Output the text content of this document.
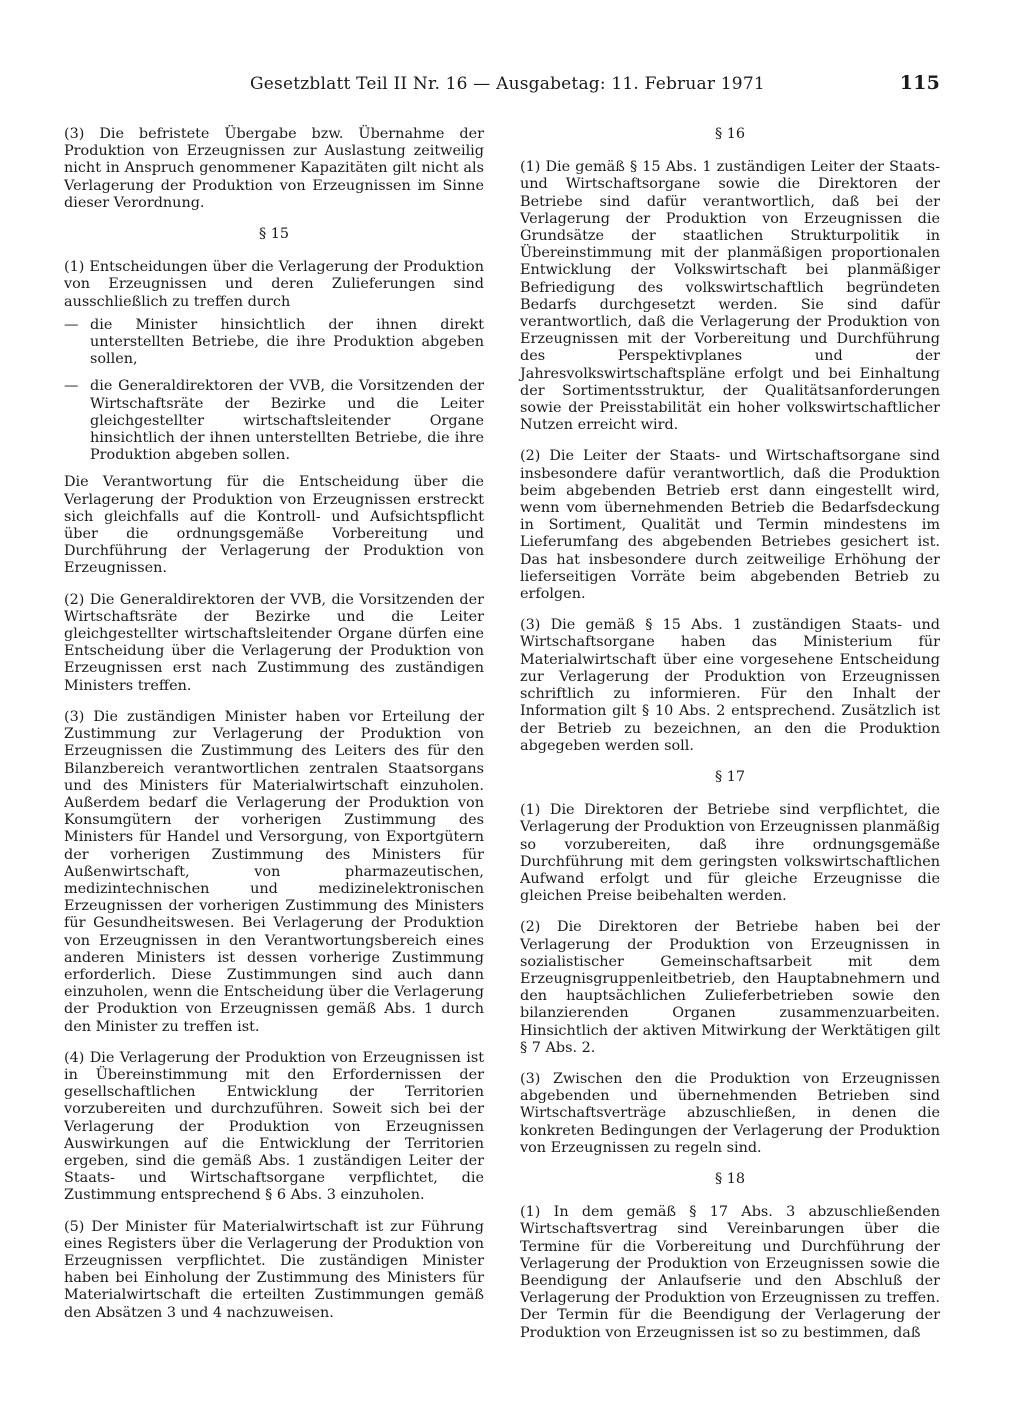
Gesetzblatt Teil II Nr. 16 — Ausgabetag: 11. Februar 1971	115

(3) Die befristete Übergabe bzw. Übernahme der Produktion von Erzeugnissen zur Auslastung zeitweilig nicht in Anspruch genommener Kapazitäten gilt nicht als Verlagerung der Produktion von Erzeugnissen im Sinne dieser Verordnung.

§ 15

(1) Entscheidungen über die Verlagerung der Produktion von Erzeugnissen und deren Zulieferungen sind ausschließlich zu treffen durch

— die Minister hinsichtlich der ihnen direkt unterstellten Betriebe, die ihre Produktion abgeben sollen,
— die Generaldirektoren der VVB, die Vorsitzenden der Wirtschaftsräte der Bezirke und die Leiter gleichgestellter wirtschaftsleitender Organe hinsichtlich der ihnen unterstellten Betriebe, die ihre Produktion abgeben sollen.

Die Verantwortung für die Entscheidung über die Verlagerung der Produktion von Erzeugnissen erstreckt sich gleichfalls auf die Kontroll- und Aufsichtspflicht über die ordnungsgemäße Vorbereitung und Durchführung der Verlagerung der Produktion von Erzeugnissen.

(2) Die Generaldirektoren der VVB, die Vorsitzenden der Wirtschaftsräte der Bezirke und die Leiter gleichgestellter wirtschaftsleitender Organe dürfen eine Entscheidung über die Verlagerung der Produktion von Erzeugnissen erst nach Zustimmung des zuständigen Ministers treffen.

(3) Die zuständigen Minister haben vor Erteilung der Zustimmung zur Verlagerung der Produktion von Erzeugnissen die Zustimmung des Leiters des für den Bilanzbereich verantwortlichen zentralen Staatsorgans und des Ministers für Materialwirtschaft einzuholen. Außerdem bedarf die Verlagerung der Produktion von Konsumgütern der vorherigen Zustimmung des Ministers für Handel und Versorgung, von Exportgütern der vorherigen Zustimmung des Ministers für Außenwirtschaft, von pharmazeutischen, medizintechnischen und medizinelektronischen Erzeugnissen der vorherigen Zustimmung des Ministers für Gesundheitswesen. Bei Verlagerung der Produktion von Erzeugnissen in den Verantwortungsbereich eines anderen Ministers ist dessen vorherige Zustimmung erforderlich. Diese Zustimmungen sind auch dann einzuholen, wenn die Entscheidung über die Verlagerung der Produktion von Erzeugnissen gemäß Abs. 1 durch den Minister zu treffen ist.

(4) Die Verlagerung der Produktion von Erzeugnissen ist in Übereinstimmung mit den Erfordernissen der gesellschaftlichen Entwicklung der Territorien vorzubereiten und durchzuführen. Soweit sich bei der Verlagerung der Produktion von Erzeugnissen Auswirkungen auf die Entwicklung der Territorien ergeben, sind die gemäß Abs. 1 zuständigen Leiter der Staats- und Wirtschaftsorgane verpflichtet, die Zustimmung entsprechend § 6 Abs. 3 einzuholen.

(5) Der Minister für Materialwirtschaft ist zur Führung eines Registers über die Verlagerung der Produktion von Erzeugnissen verpflichtet. Die zuständigen Minister haben bei Einholung der Zustimmung des Ministers für Materialwirtschaft die erteilten Zustimmungen gemäß den Absätzen 3 und 4 nachzuweisen.

§ 16

(1) Die gemäß § 15 Abs. 1 zuständigen Leiter der Staats- und Wirtschaftsorgane sowie die Direktoren der Betriebe sind dafür verantwortlich, daß bei der Verlagerung der Produktion von Erzeugnissen die Grundsätze der staatlichen Strukturpolitik in Übereinstimmung mit der planmäßigen proportionalen Entwicklung der Volkswirtschaft bei planmäßiger Befriedigung des volkswirtschaftlich begründeten Bedarfs durchgesetzt werden. Sie sind dafür verantwortlich, daß die Verlagerung der Produktion von Erzeugnissen mit der Vorbereitung und Durchführung des Perspektivplanes und der Jahresvolkswirtschaftspläne erfolgt und bei Einhaltung der Sortimentsstruktur, der Qualitätsanforderungen sowie der Preisstabilität ein hoher volkswirtschaftlicher Nutzen erreicht wird.

(2) Die Leiter der Staats- und Wirtschaftsorgane sind insbesondere dafür verantwortlich, daß die Produktion beim abgebenden Betrieb erst dann eingestellt wird, wenn vom übernehmenden Betrieb die Bedarfsdeckung in Sortiment, Qualität und Termin mindestens im Lieferumfang des abgebenden Betriebes gesichert ist. Das hat insbesondere durch zeitweilige Erhöhung der lieferseitigen Vorräte beim abgebenden Betrieb zu erfolgen.

(3) Die gemäß § 15 Abs. 1 zuständigen Staats- und Wirtschaftsorgane haben das Ministerium für Materialwirtschaft über eine vorgesehene Entscheidung zur Verlagerung der Produktion von Erzeugnissen schriftlich zu informieren. Für den Inhalt der Information gilt § 10 Abs. 2 entsprechend. Zusätzlich ist der Betrieb zu bezeichnen, an den die Produktion abgegeben werden soll.

§ 17

(1) Die Direktoren der Betriebe sind verpflichtet, die Verlagerung der Produktion von Erzeugnissen planmäßig so vorzubereiten, daß ihre ordnungsgemäße Durchführung mit dem geringsten volkswirtschaftlichen Aufwand erfolgt und für gleiche Erzeugnisse die gleichen Preise beibehalten werden.

(2) Die Direktoren der Betriebe haben bei der Verlagerung der Produktion von Erzeugnissen in sozialistischer Gemeinschaftsarbeit mit dem Erzeugnisgruppenleitbetrieb, den Hauptabnehmern und den hauptsächlichen Zulieferbetrieben sowie den bilanzierenden Organen zusammenzuarbeiten. Hinsichtlich der aktiven Mitwirkung der Werktätigen gilt § 7 Abs. 2.

(3) Zwischen den die Produktion von Erzeugnissen abgebenden und übernehmenden Betrieben sind Wirtschaftsverträge abzuschließen, in denen die konkreten Bedingungen der Verlagerung der Produktion von Erzeugnissen zu regeln sind.

§ 18

(1) In dem gemäß § 17 Abs. 3 abzuschließenden Wirtschaftsvertrag sind Vereinbarungen über die Termine für die Vorbereitung und Durchführung der Verlagerung der Produktion von Erzeugnissen sowie die Beendigung der Anlaufserie und den Abschluß der Verlagerung der Produktion von Erzeugnissen zu treffen. Der Termin für die Beendigung der Verlagerung der Produktion von Erzeugnissen ist so zu bestimmen, daß
